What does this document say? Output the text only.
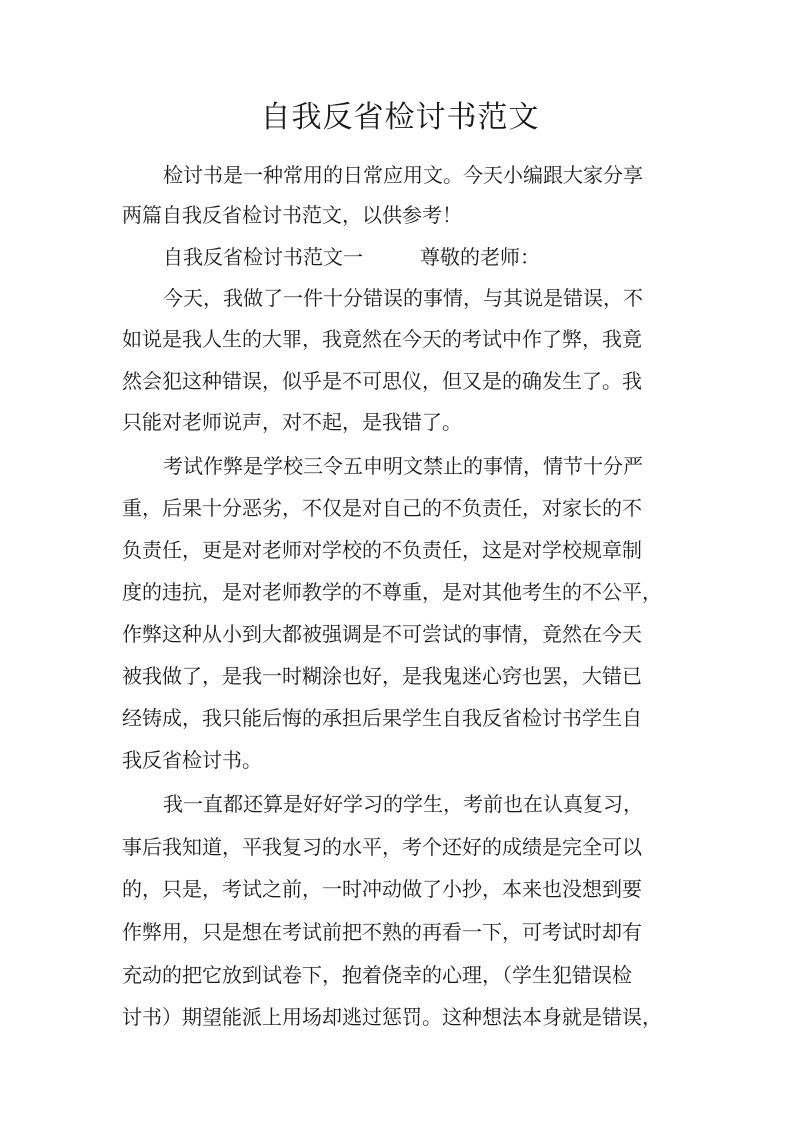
自我反省检讨书范文
检讨书是一种常用的日常应用文。今天小编跟大家分享
两篇自我反省检讨书范文，以供参考！
自我反省检讨书范文一	尊敬的老师：
今天，我做了一件十分错误的事情，与其说是错误，不
如说是我人生的大罪，我竟然在今天的考试中作了弊，我竟
然会犯这种错误，似乎是不可思仪，但又是的确发生了。我
只能对老师说声，对不起，是我错了。
考试作弊是学校三令五申明文禁止的事情，情节十分严
重，后果十分恶劣，不仅是对自己的不负责任，对家长的不
负责任，更是对老师对学校的不负责任，这是对学校规章制
度的违抗，是对老师教学的不尊重，是对其他考生的不公平，
作弊这种从小到大都被强调是不可尝试的事情，竟然在今天
被我做了，是我一时糊涂也好，是我鬼迷心窍也罢，大错已
经铸成，我只能后悔的承担后果学生自我反省检讨书学生自
我反省检讨书。
我一直都还算是好好学习的学生，考前也在认真复习，
事后我知道，平我复习的水平，考个还好的成绩是完全可以
的，只是，考试之前，一时冲动做了小抄，本来也没想到要
作弊用，只是想在考试前把不熟的再看一下，可考试时却有
充动的把它放到试卷下，抱着侥幸的心理，（学生犯错误检
讨书）期望能派上用场却逃过惩罚。这种想法本身就是错误，
